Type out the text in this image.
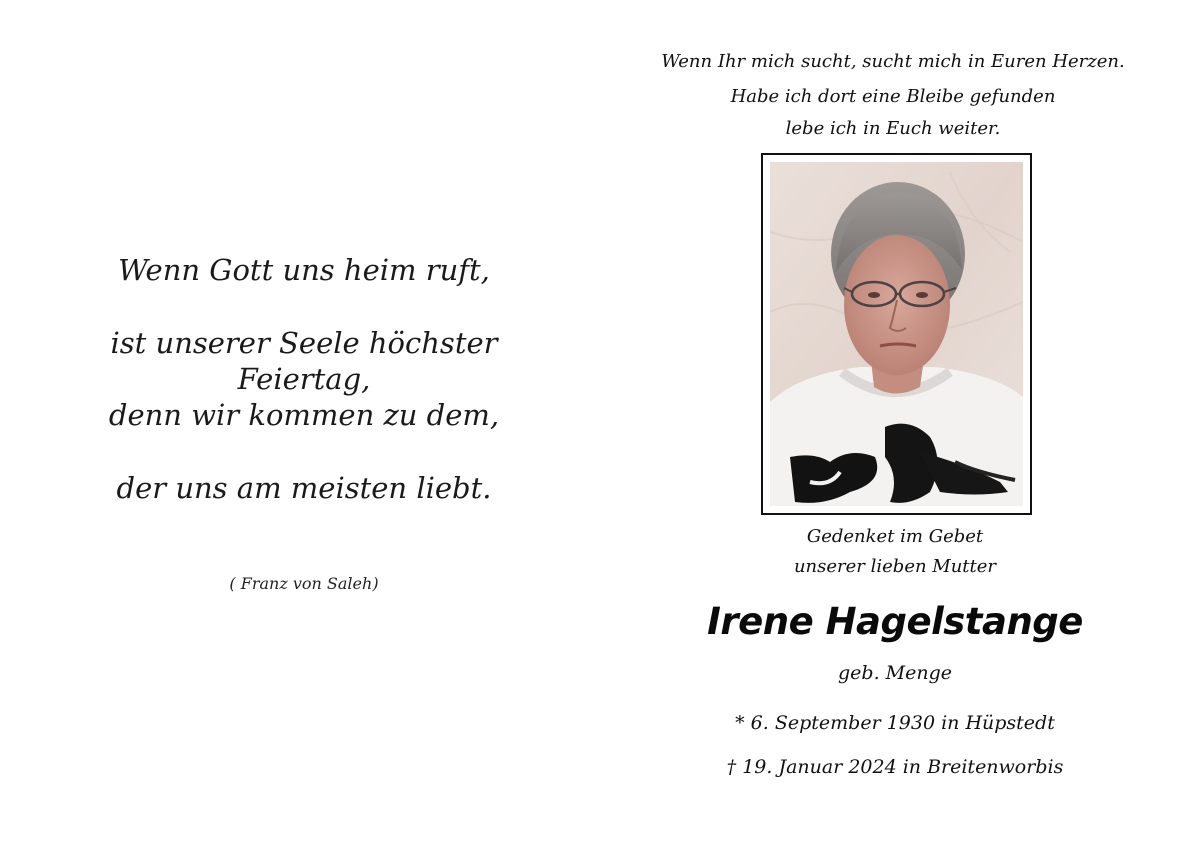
Wenn Gott uns heim ruft,
ist unserer Seele höchster Feiertag,
denn wir kommen zu dem,
der uns am meisten liebt.
( Franz von Saleh)
Wenn Ihr mich sucht, sucht mich in Euren Herzen.
Habe ich dort eine Bleibe gefunden
lebe ich in Euch weiter.
Gedenket im Gebet
unserer lieben Mutter
Irene Hagelstange
geb. Menge
* 6. September 1930 in Hüpstedt
† 19. Januar 2024 in Breitenworbis
